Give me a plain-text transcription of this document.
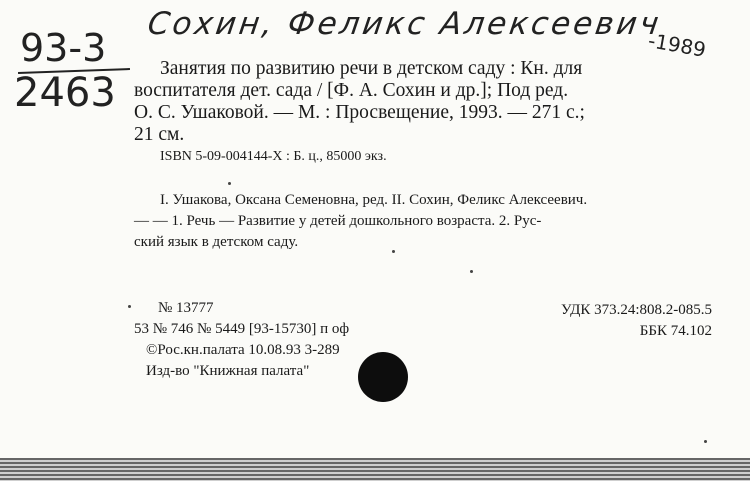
Сохин, Феликс Алексеевич
-1989
93-3
2463
Занятия по развитию речи в детском саду : Кн. для
воспитателя дет. сада / [Ф. А. Сохин и др.]; Под ред.
О. С. Ушаковой. — М. : Просвещение, 1993. — 271 с.;
21 см.
ISBN 5-09-004144-X : Б. ц., 85000 экз.
I. Ушакова, Оксана Семеновна, ред. II. Сохин, Феликс Алексеевич.
— — 1. Речь — Развитие у детей дошкольного возраста. 2. Рус-
ский язык в детском саду.
№ 13777
53 № 746 № 5449 [93-15730] п оф
©Рос.кн.палата 10.08.93 3-289
Изд-во "Книжная палата"
УДК 373.24:808.2-085.5
ББК 74.102
